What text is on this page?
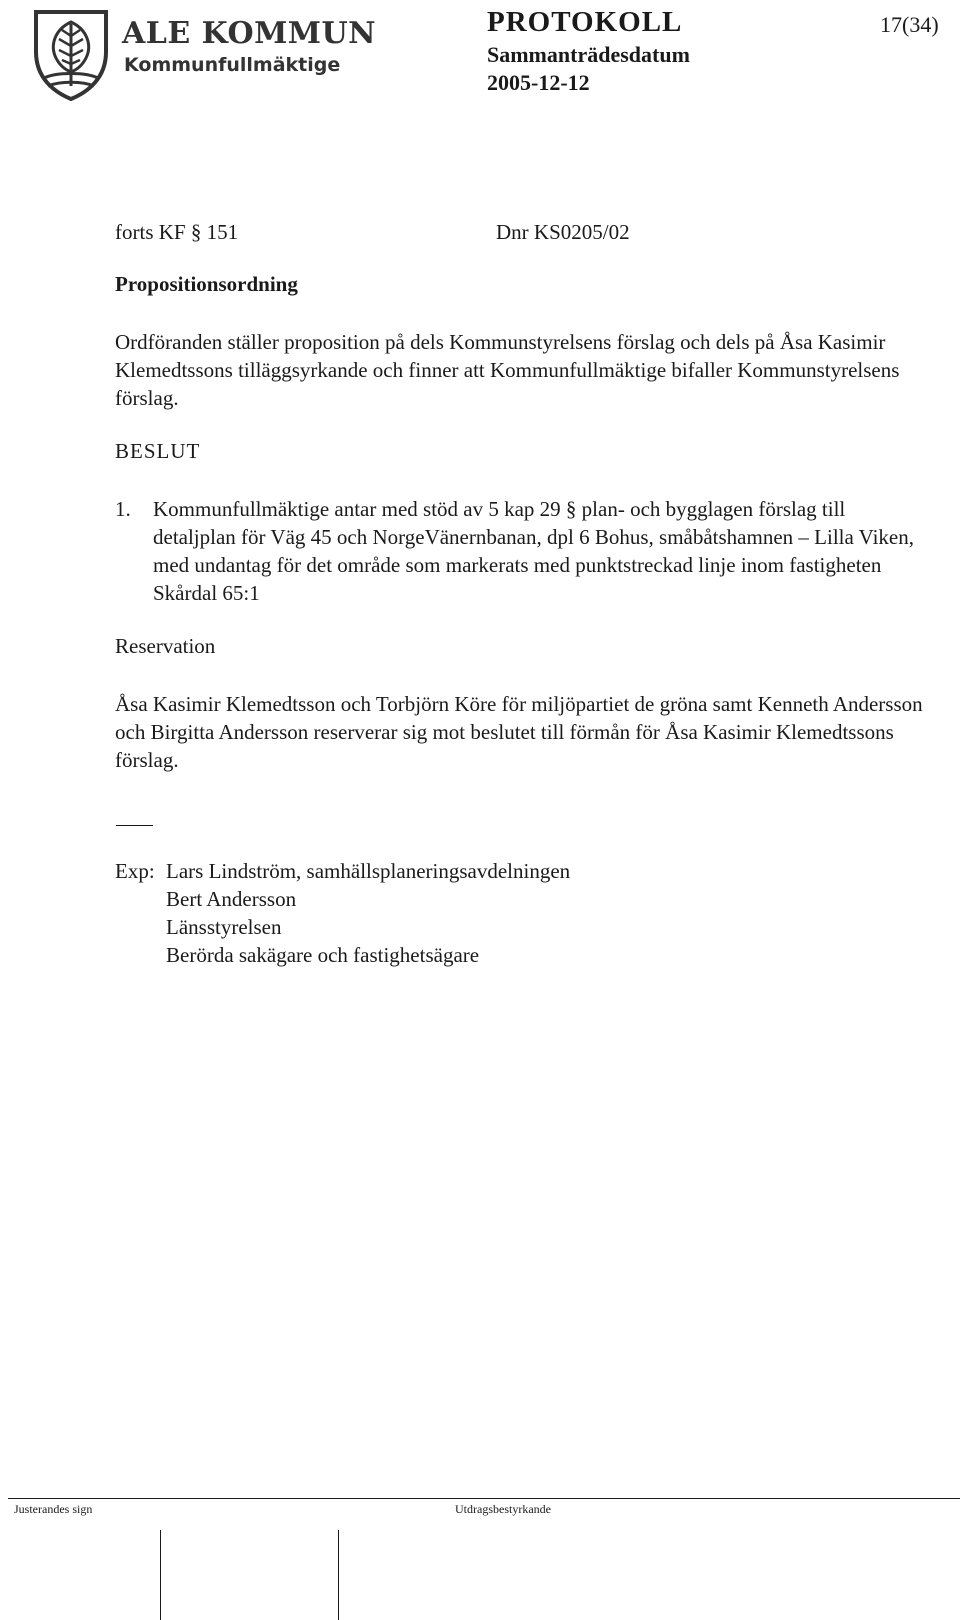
ALE KOMMUN
Kommunfullmäktige
PROTOKOLL	17(34)
Sammanträdesdatum
2005-12-12
forts KF § 151	Dnr KS0205/02
Propositionsordning

Ordföranden ställer proposition på dels Kommunstyrelsens förslag och dels på Åsa Kasimir Klemedtssons tilläggsyrkande och finner att Kommunfullmäktige bifaller Kommunstyrelsens förslag.

BESLUT
1. Kommunfullmäktige antar med stöd av 5 kap 29 § plan- och bygglagen förslag till detaljplan för Väg 45 och NorgeVänernbanan, dpl 6 Bohus, småbåtshamnen – Lilla Viken, med undantag för det område som markerats med punktstreckad linje inom fastigheten Skårdal 65:1

Reservation

Åsa Kasimir Klemedtsson och Torbjörn Köre för miljöpartiet de gröna samt Kenneth Andersson och Birgitta Andersson reserverar sig mot beslutet till förmån för Åsa Kasimir Klemedtssons förslag.

Exp: Lars Lindström, samhällsplaneringsavdelningen
Bert Andersson
Länsstyrelsen
Berörda sakägare och fastighetsägare
Justerandes sign	Utdragsbestyrkande
